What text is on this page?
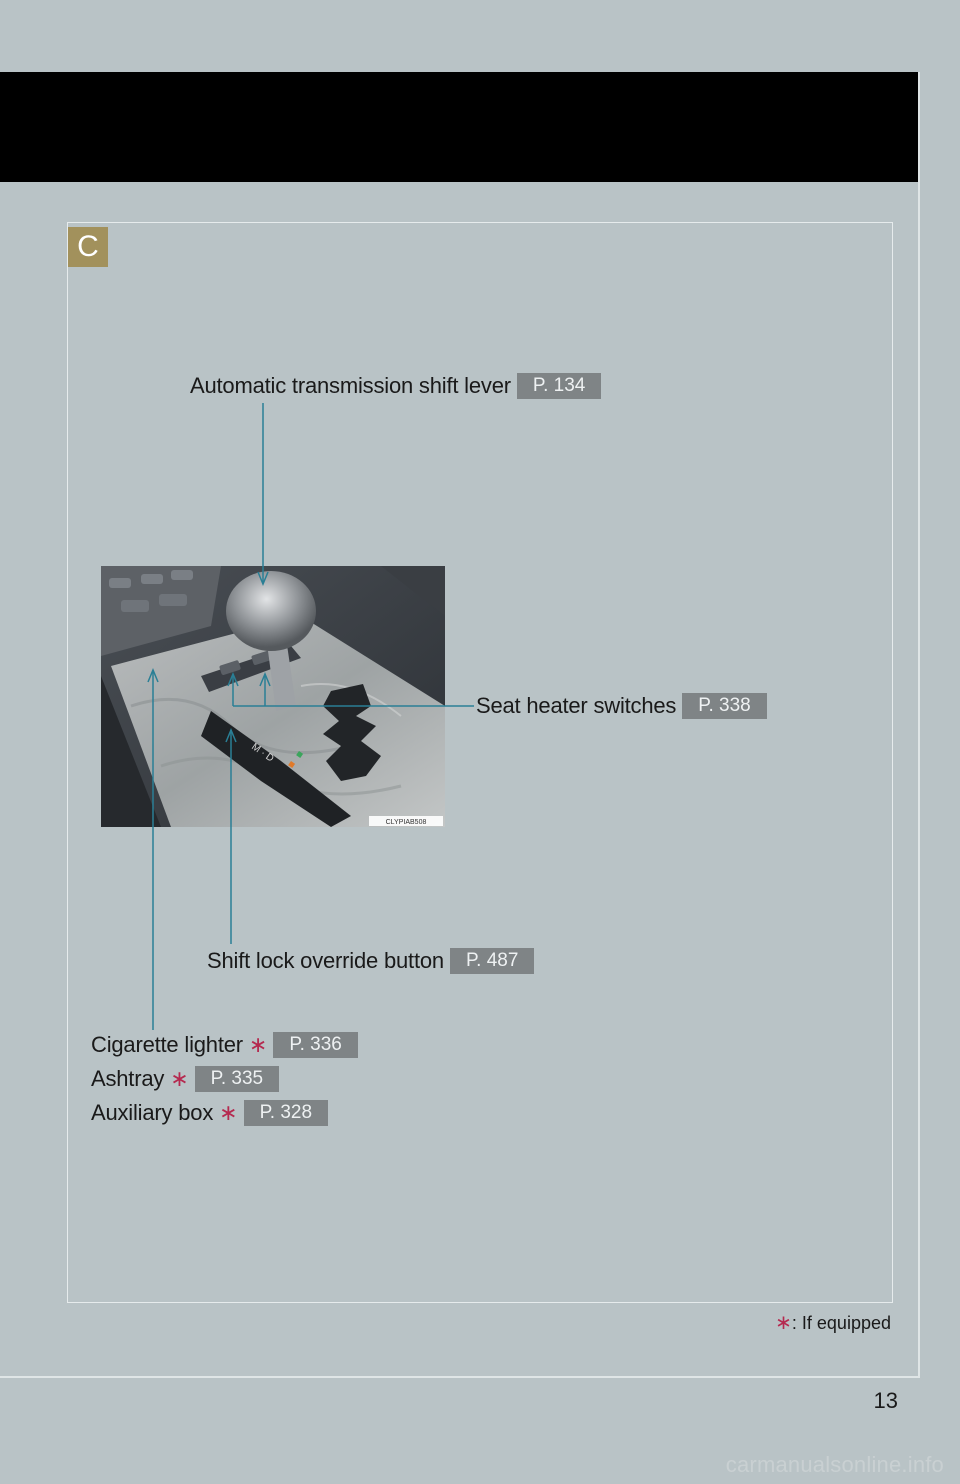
C
M · D
CLYPIAB508
Automatic transmission shift lever	P. 134
Seat heater switches	P. 338
Shift lock override button	P. 487
Cigarette lighter ∗	P. 336
Ashtray ∗	P. 335
Auxiliary box ∗	P. 328
∗: If equipped
13
carmanualsonline.info
